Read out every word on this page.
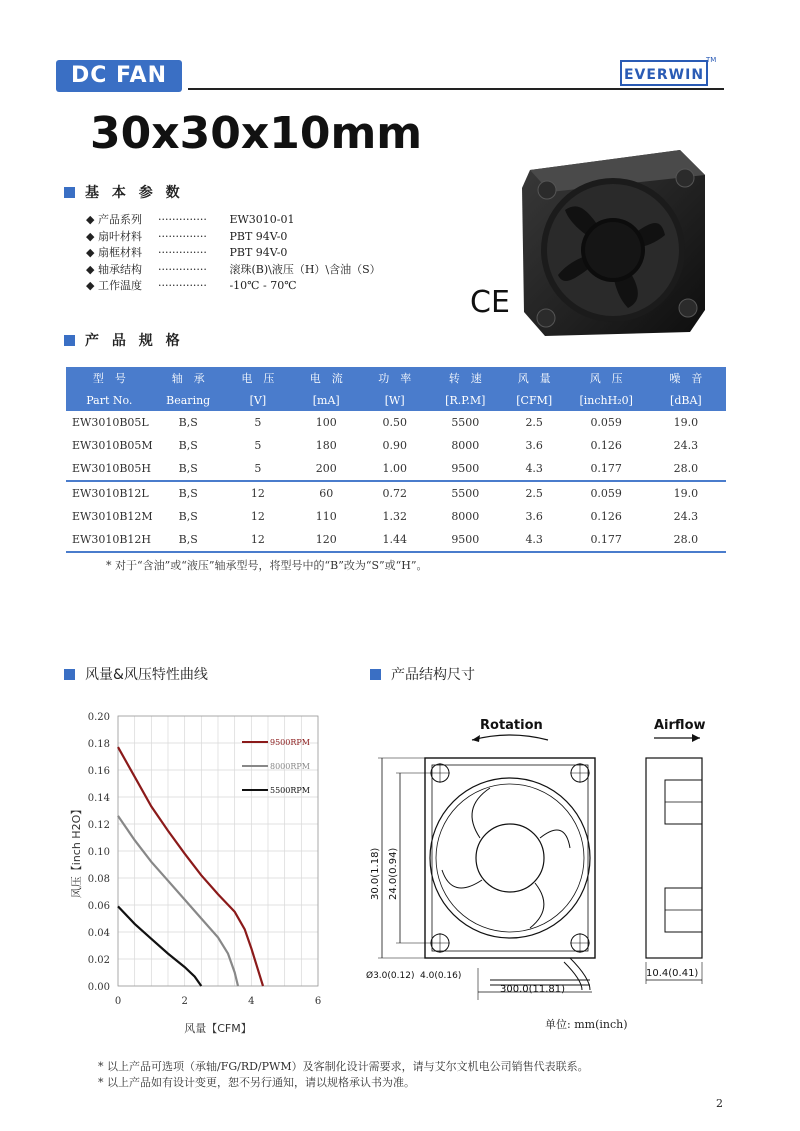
DC FAN	EVERWIN
TM
30x30x10mm
基 本 参 数
◆ 产品系列 ·············· EW3010-01
◆ 扇叶材料 ·············· PBT 94V-0
◆ 扇框材料 ·············· PBT 94V-0
◆ 轴承结构 ·············· 滚珠(B)\液压（H）\含油（S）
◆ 工作温度 ·············· -10℃ - 70℃	CE
产 品 规 格
型　号	轴　承	电　压	电　流	功　率	转　速	风　量	风　压	噪　音
Part No.	Bearing	[V]	[mA]	[W]	[R.P.M]	[CFM]	[inchH₂0]	[dBA]
EW3010B05L	B,S	5	100	0.50	5500	2.5	0.059	19.0
EW3010B05M	B,S	5	180	0.90	8000	3.6	0.126	24.3
EW3010B05H	B,S	5	200	1.00	9500	4.3	0.177	28.0
EW3010B12L	B,S	12	60	0.72	5500	2.5	0.059	19.0
EW3010B12M	B,S	12	110	1.32	8000	3.6	0.126	24.3
EW3010B12H	B,S	12	120	1.44	9500	4.3	0.177	28.0
* 对于“含油”或“液压”轴承型号，将型号中的“B”改为“S”或“H”。
风量&风压特性曲线
0.00
0.02
0.04
0.06
0.08
0.10
0.12
0.14
0.16
0.18
0.20
0	2	4	6
9500RPM
8000RPM
5500RPM
风量【CFM】
风压【inch H2O】
产品结构尺寸
Rotation
30.0(1.18) 24.0(0.94)
Ø3.0(0.12) 4.0(0.16)
300.0(11.81)
Airflow
10.4(0.41)
单位: mm(inch)
* 以上产品可选项（承轴/FG/RD/PWM）及客制化设计需要求，请与艾尔文机电公司销售代表联系。
* 以上产品如有设计变更，恕不另行通知，请以规格承认书为准。
2
